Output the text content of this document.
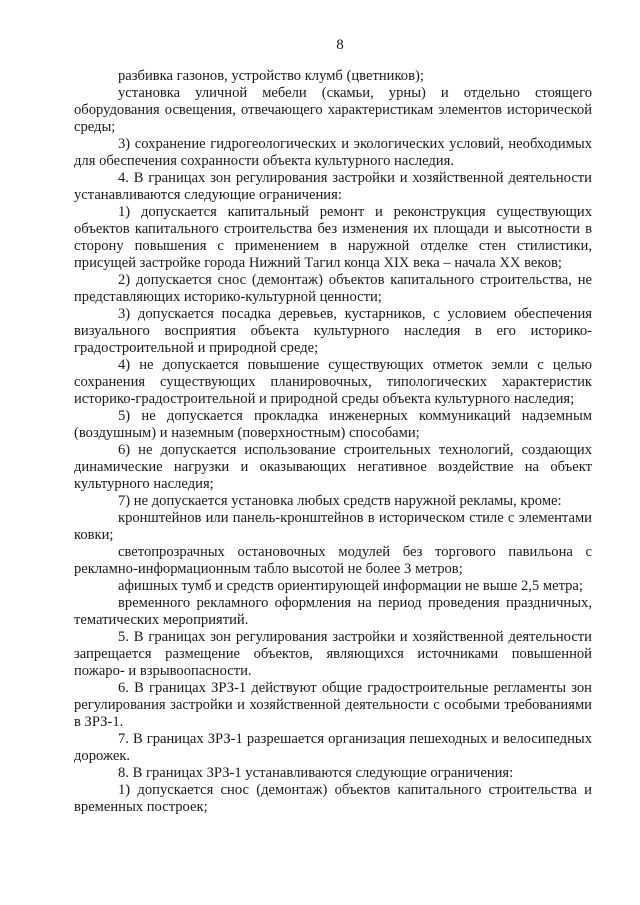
8

разбивка газонов, устройство клумб (цветников);

установка уличной мебели (скамьи, урны) и отдельно стоящего оборудования освещения, отвечающего характеристикам элементов исторической среды;

3) сохранение гидрогеологических и экологических условий, необходимых для обеспечения сохранности объекта культурного наследия.

4. В границах зон регулирования застройки и хозяйственной деятельности устанавливаются следующие ограничения:

1) допускается капитальный ремонт и реконструкция существующих объектов капитального строительства без изменения их площади и высотности в сторону повышения с применением в наружной отделке стен стилистики, присущей застройке города Нижний Тагил конца XIX века – начала XX веков;

2) допускается снос (демонтаж) объектов капитального строительства, не представляющих историко-культурной ценности;

3) допускается посадка деревьев, кустарников, с условием обеспечения визуального восприятия объекта культурного наследия в его историко-градостроительной и природной среде;

4) не допускается повышение существующих отметок земли с целью сохранения существующих планировочных, типологических характеристик историко-градостроительной и природной среды объекта культурного наследия;

5) не допускается прокладка инженерных коммуникаций надземным (воздушным) и наземным (поверхностным) способами;

6) не допускается использование строительных технологий, создающих динамические нагрузки и оказывающих негативное воздействие на объект культурного наследия;

7) не допускается установка любых средств наружной рекламы, кроме:

кронштейнов или панель-кронштейнов в историческом стиле с элементами ковки;

светопрозрачных остановочных модулей без торгового павильона с рекламно-информационным табло высотой не более 3 метров;

афишных тумб и средств ориентирующей информации не выше 2,5 метра;

временного рекламного оформления на период проведения праздничных, тематических мероприятий.

5. В границах зон регулирования застройки и хозяйственной деятельности запрещается размещение объектов, являющихся источниками повышенной пожаро- и взрывоопасности.

6. В границах ЗРЗ-1 действуют общие градостроительные регламенты зон регулирования застройки и хозяйственной деятельности с особыми требованиями в ЗРЗ-1.

7. В границах ЗРЗ-1 разрешается организация пешеходных и велосипедных дорожек.

8. В границах ЗРЗ-1 устанавливаются следующие ограничения:

1) допускается снос (демонтаж) объектов капитального строительства и временных построек;
